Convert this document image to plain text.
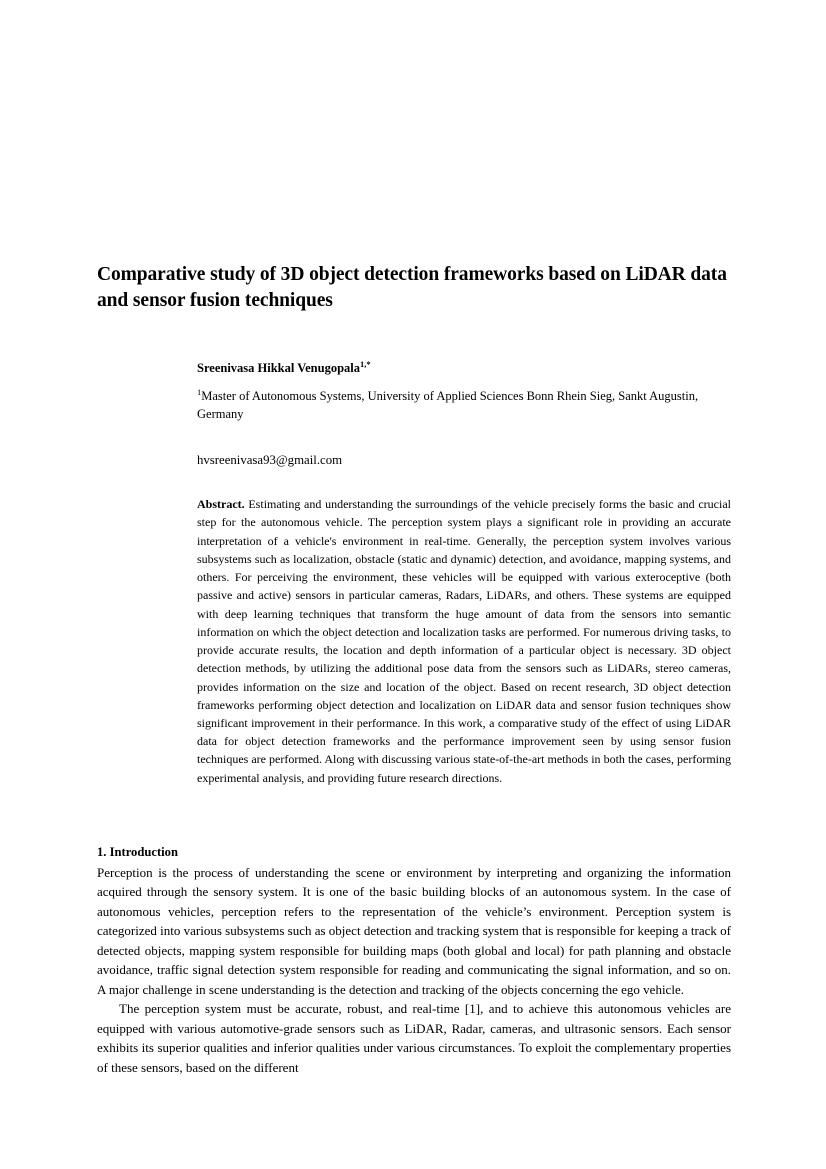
Comparative study of 3D object detection frameworks based on LiDAR data and sensor fusion techniques
Sreenivasa Hikkal Venugopala$^{1,*}$
$^1$Master of Autonomous Systems, University of Applied Sciences Bonn Rhein Sieg, Sankt Augustin, Germany
hvsreenivasa93@gmail.com

Abstract. Estimating and understanding the surroundings of the vehicle precisely forms the basic and crucial step for the autonomous vehicle. The perception system plays a significant role in providing an accurate interpretation of a vehicle's environment in real-time. Generally, the perception system involves various subsystems such as localization, obstacle (static and dynamic) detection, and avoidance, mapping systems, and others. For perceiving the environment, these vehicles will be equipped with various exteroceptive (both passive and active) sensors in particular cameras, Radars, LiDARs, and others. These systems are equipped with deep learning techniques that transform the huge amount of data from the sensors into semantic information on which the object detection and localization tasks are performed. For numerous driving tasks, to provide accurate results, the location and depth information of a particular object is necessary. 3D object detection methods, by utilizing the additional pose data from the sensors such as LiDARs, stereo cameras, provides information on the size and location of the object. Based on recent research, 3D object detection frameworks performing object detection and localization on LiDAR data and sensor fusion techniques show significant improvement in their performance. In this work, a comparative study of the effect of using LiDAR data for object detection frameworks and the performance improvement seen by using sensor fusion techniques are performed. Along with discussing various state-of-the-art methods in both the cases, performing experimental analysis, and providing future research directions.

1. Introduction

Perception is the process of understanding the scene or environment by interpreting and organizing the information acquired through the sensory system. It is one of the basic building blocks of an autonomous system. In the case of autonomous vehicles, perception refers to the representation of the vehicle’s environment. Perception system is categorized into various subsystems such as object detection and tracking system that is responsible for keeping a track of detected objects, mapping system responsible for building maps (both global and local) for path planning and obstacle avoidance, traffic signal detection system responsible for reading and communicating the signal information, and so on. A major challenge in scene understanding is the detection and tracking of the objects concerning the ego vehicle.

The perception system must be accurate, robust, and real-time [1], and to achieve this autonomous vehicles are equipped with various automotive-grade sensors such as LiDAR, Radar, cameras, and ultrasonic sensors. Each sensor exhibits its superior qualities and inferior qualities under various circumstances. To exploit the complementary properties of these sensors, based on the different
